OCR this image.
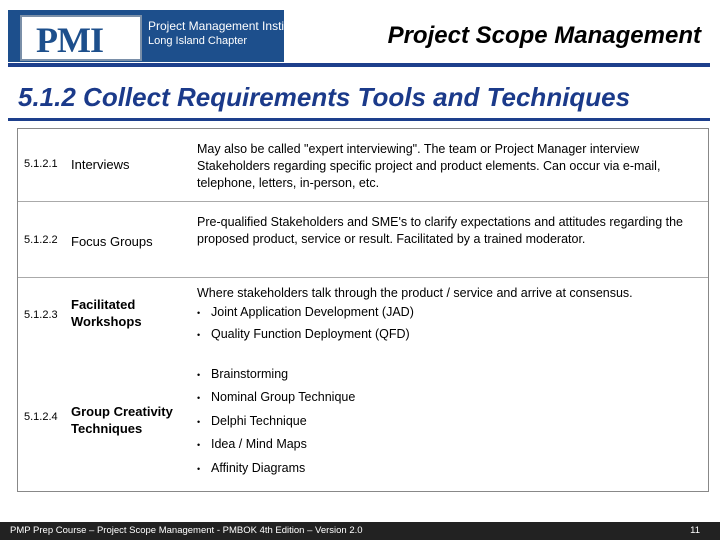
PMI	Project Management Institute
Long Island Chapter	Project Scope Management
5.1.2 Collect Requirements Tools and Techniques
5.1.2.1 Interviews
May also be called "expert interviewing". The team or Project Manager interview Stakeholders regarding specific project and product elements. Can occur via e-mail, telephone, letters, in-person, etc.
5.1.2.2 Focus Groups
Pre-qualified Stakeholders and SME's to clarify expectations and attitudes regarding the proposed product, service or result. Facilitated by a trained moderator.
5.1.2.3
Facilitated Workshops
Where stakeholders talk through the product / service and arrive at consensus.
• Joint Application Development (JAD)
• Quality Function Deployment (QFD)
5.1.2.4 Group Creativity Techniques
• Brainstorming
• Nominal Group Technique
• Delphi Technique
• Idea / Mind Maps
• Affinity Diagrams
PMP Prep Course – Project Scope Management - PMBOK 4th Edition – Version 2.0	11
